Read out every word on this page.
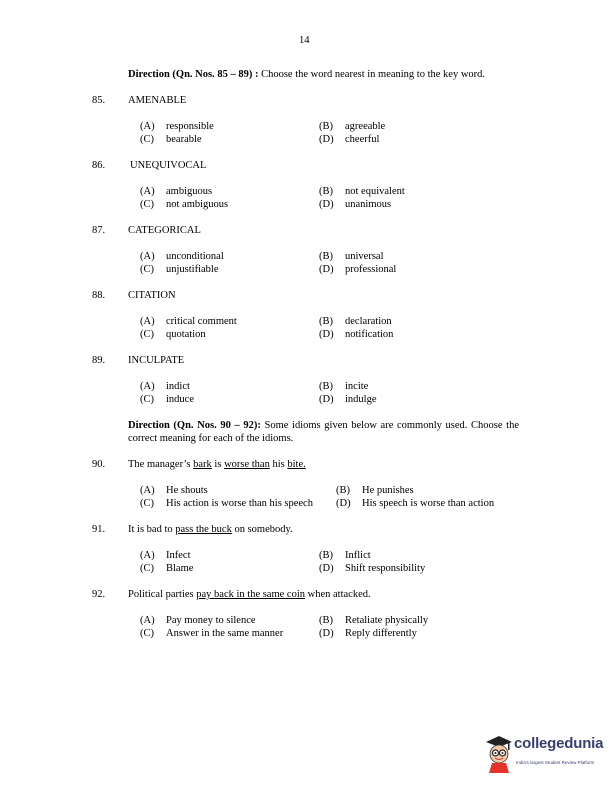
14
Direction (Qn. Nos. 85 – 89) : Choose the word nearest in meaning to the key word.
85. AMENABLE
(A) responsible	(B) agreeable
(C) bearable	(D) cheerful
86. UNEQUIVOCAL
(A) ambiguous	(B) not equivalent
(C) not ambiguous	(D) unanimous
87. CATEGORICAL
(A) unconditional	(B) universal
(C) unjustifiable	(D) professional
88. CITATION
(A) critical comment	(B) declaration
(C) quotation	(D) notification
89. INCULPATE
(A) indict	(B) incite
(C) induce	(D) indulge
Direction (Qn. Nos. 90 – 92): Some idioms given below are commonly used. Choose the correct meaning for each of the idioms.
90. The manager’s bark is worse than his bite.
(A) He shouts	(B) He punishes
(C) His action is worse than his speech (D) His speech is worse than action
91. It is bad to pass the buck on somebody.
(A) Infect	(B) Inflict
(C) Blame	(D) Shift responsibility
92. Political parties pay back in the same coin when attacked.
(A) Pay money to silence	(B) Retaliate physically
(C) Answer in the same manner	(D) Reply differently
collegedunia
India's largest Student Review Platform
